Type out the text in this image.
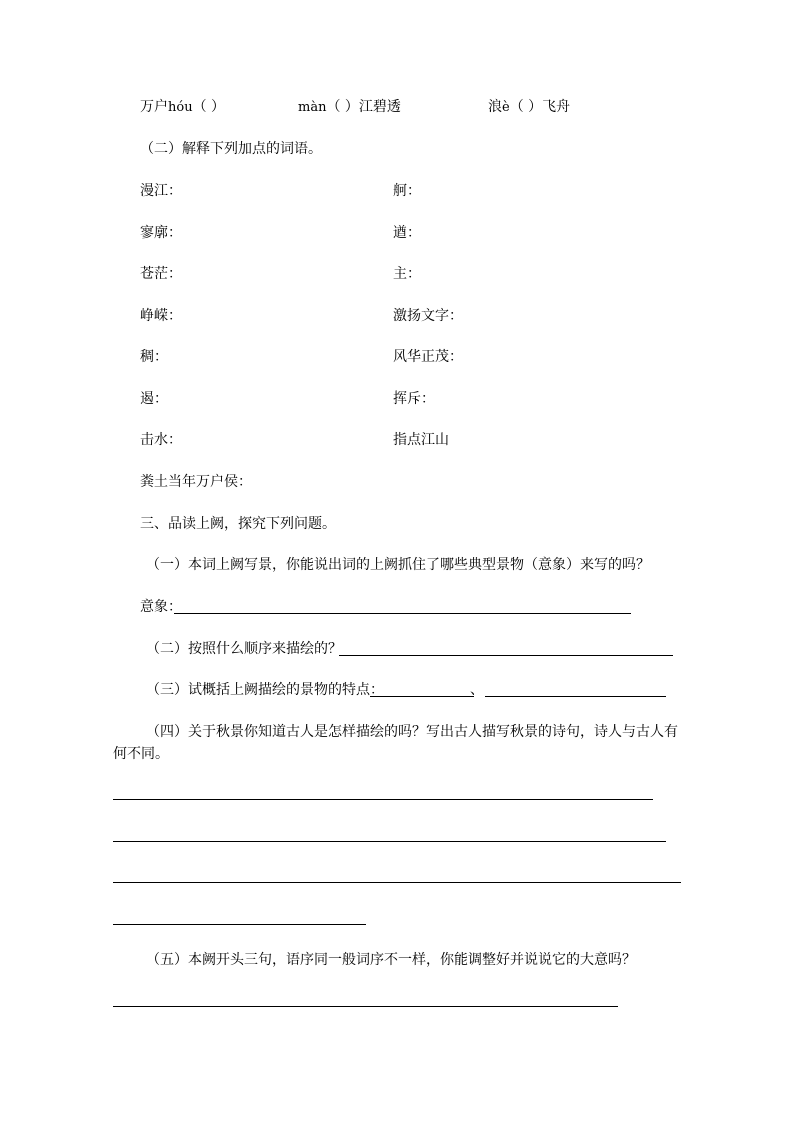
万户hóu（ ）	màn（ ）江碧透	浪è（ ）飞舟
（二）解释下列加点的词语。
漫江：	舸：
寥廓：	遒：
苍茫：	主：
峥嵘：	激扬文字：
稠：	风华正茂：
遏：	挥斥：
击水：	指点江山
粪土当年万户侯：
三、品读上阙，探究下列问题。
（一）本词上阙写景，你能说出词的上阙抓住了哪些典型景物（意象）来写的吗？
意象：
（二）按照什么顺序来描绘的？
（三）试概括上阙描绘的景物的特点：	、
（四）关于秋景你知道古人是怎样描绘的吗？写出古人描写秋景的诗句，诗人与古人有
何不同。
（五）本阙开头三句，语序同一般词序不一样，你能调整好并说说它的大意吗？
